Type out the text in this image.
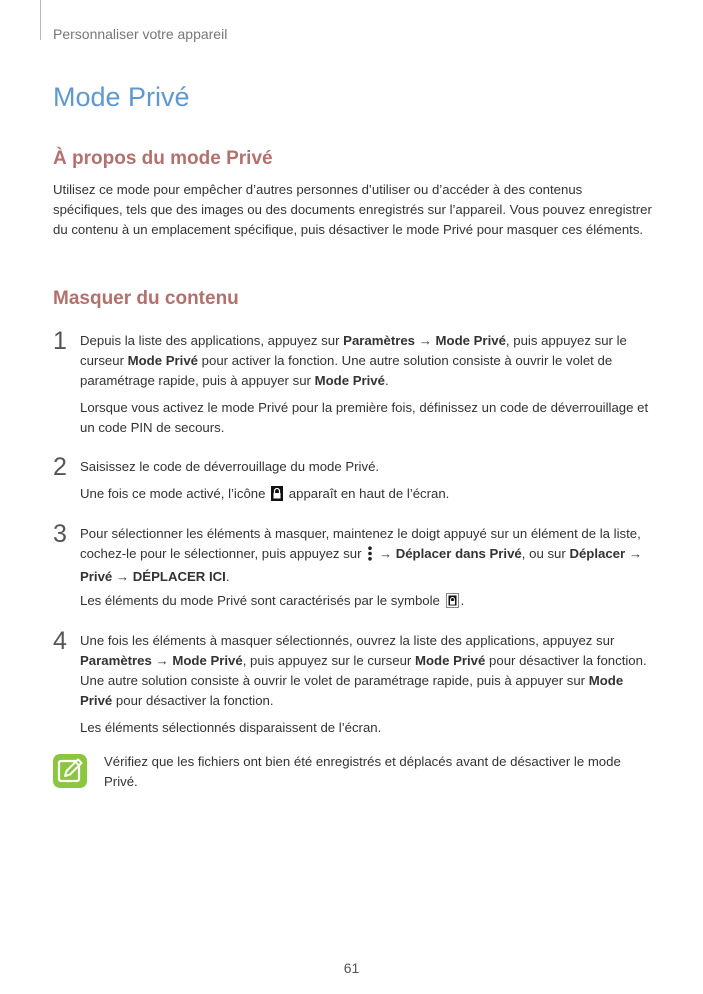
Personnaliser votre appareil
Mode Privé
À propos du mode Privé

Utilisez ce mode pour empêcher d’autres personnes d’utiliser ou d’accéder à des contenus spécifiques, tels que des images ou des documents enregistrés sur l’appareil. Vous pouvez enregistrer du contenu à un emplacement spécifique, puis désactiver le mode Privé pour masquer ces éléments.

Masquer du contenu
1 Depuis la liste des applications, appuyez sur Paramètres → Mode Privé, puis appuyez sur le curseur Mode Privé pour activer la fonction. Une autre solution consiste à ouvrir le volet de paramétrage rapide, puis à appuyer sur Mode Privé.

Lorsque vous activez le mode Privé pour la première fois, définissez un code de déverrouillage et un code PIN de secours.

2 Saisissez le code de déverrouillage du mode Privé.

Une fois ce mode activé, l’icône  apparaît en haut de l’écran.

3 Pour sélectionner les éléments à masquer, maintenez le doigt appuyé sur un élément de la liste, cochez-le pour le sélectionner, puis appuyez sur  → Déplacer dans Privé, ou sur Déplacer → Privé → DÉPLACER ICI.

Les éléments du mode Privé sont caractérisés par le symbole .

4 Une fois les éléments à masquer sélectionnés, ouvrez la liste des applications, appuyez sur Paramètres → Mode Privé, puis appuyez sur le curseur Mode Privé pour désactiver la fonction. Une autre solution consiste à ouvrir le volet de paramétrage rapide, puis à appuyer sur Mode Privé pour désactiver la fonction.

Les éléments sélectionnés disparaissent de l’écran.

Vérifiez que les fichiers ont bien été enregistrés et déplacés avant de désactiver le mode Privé.

61
